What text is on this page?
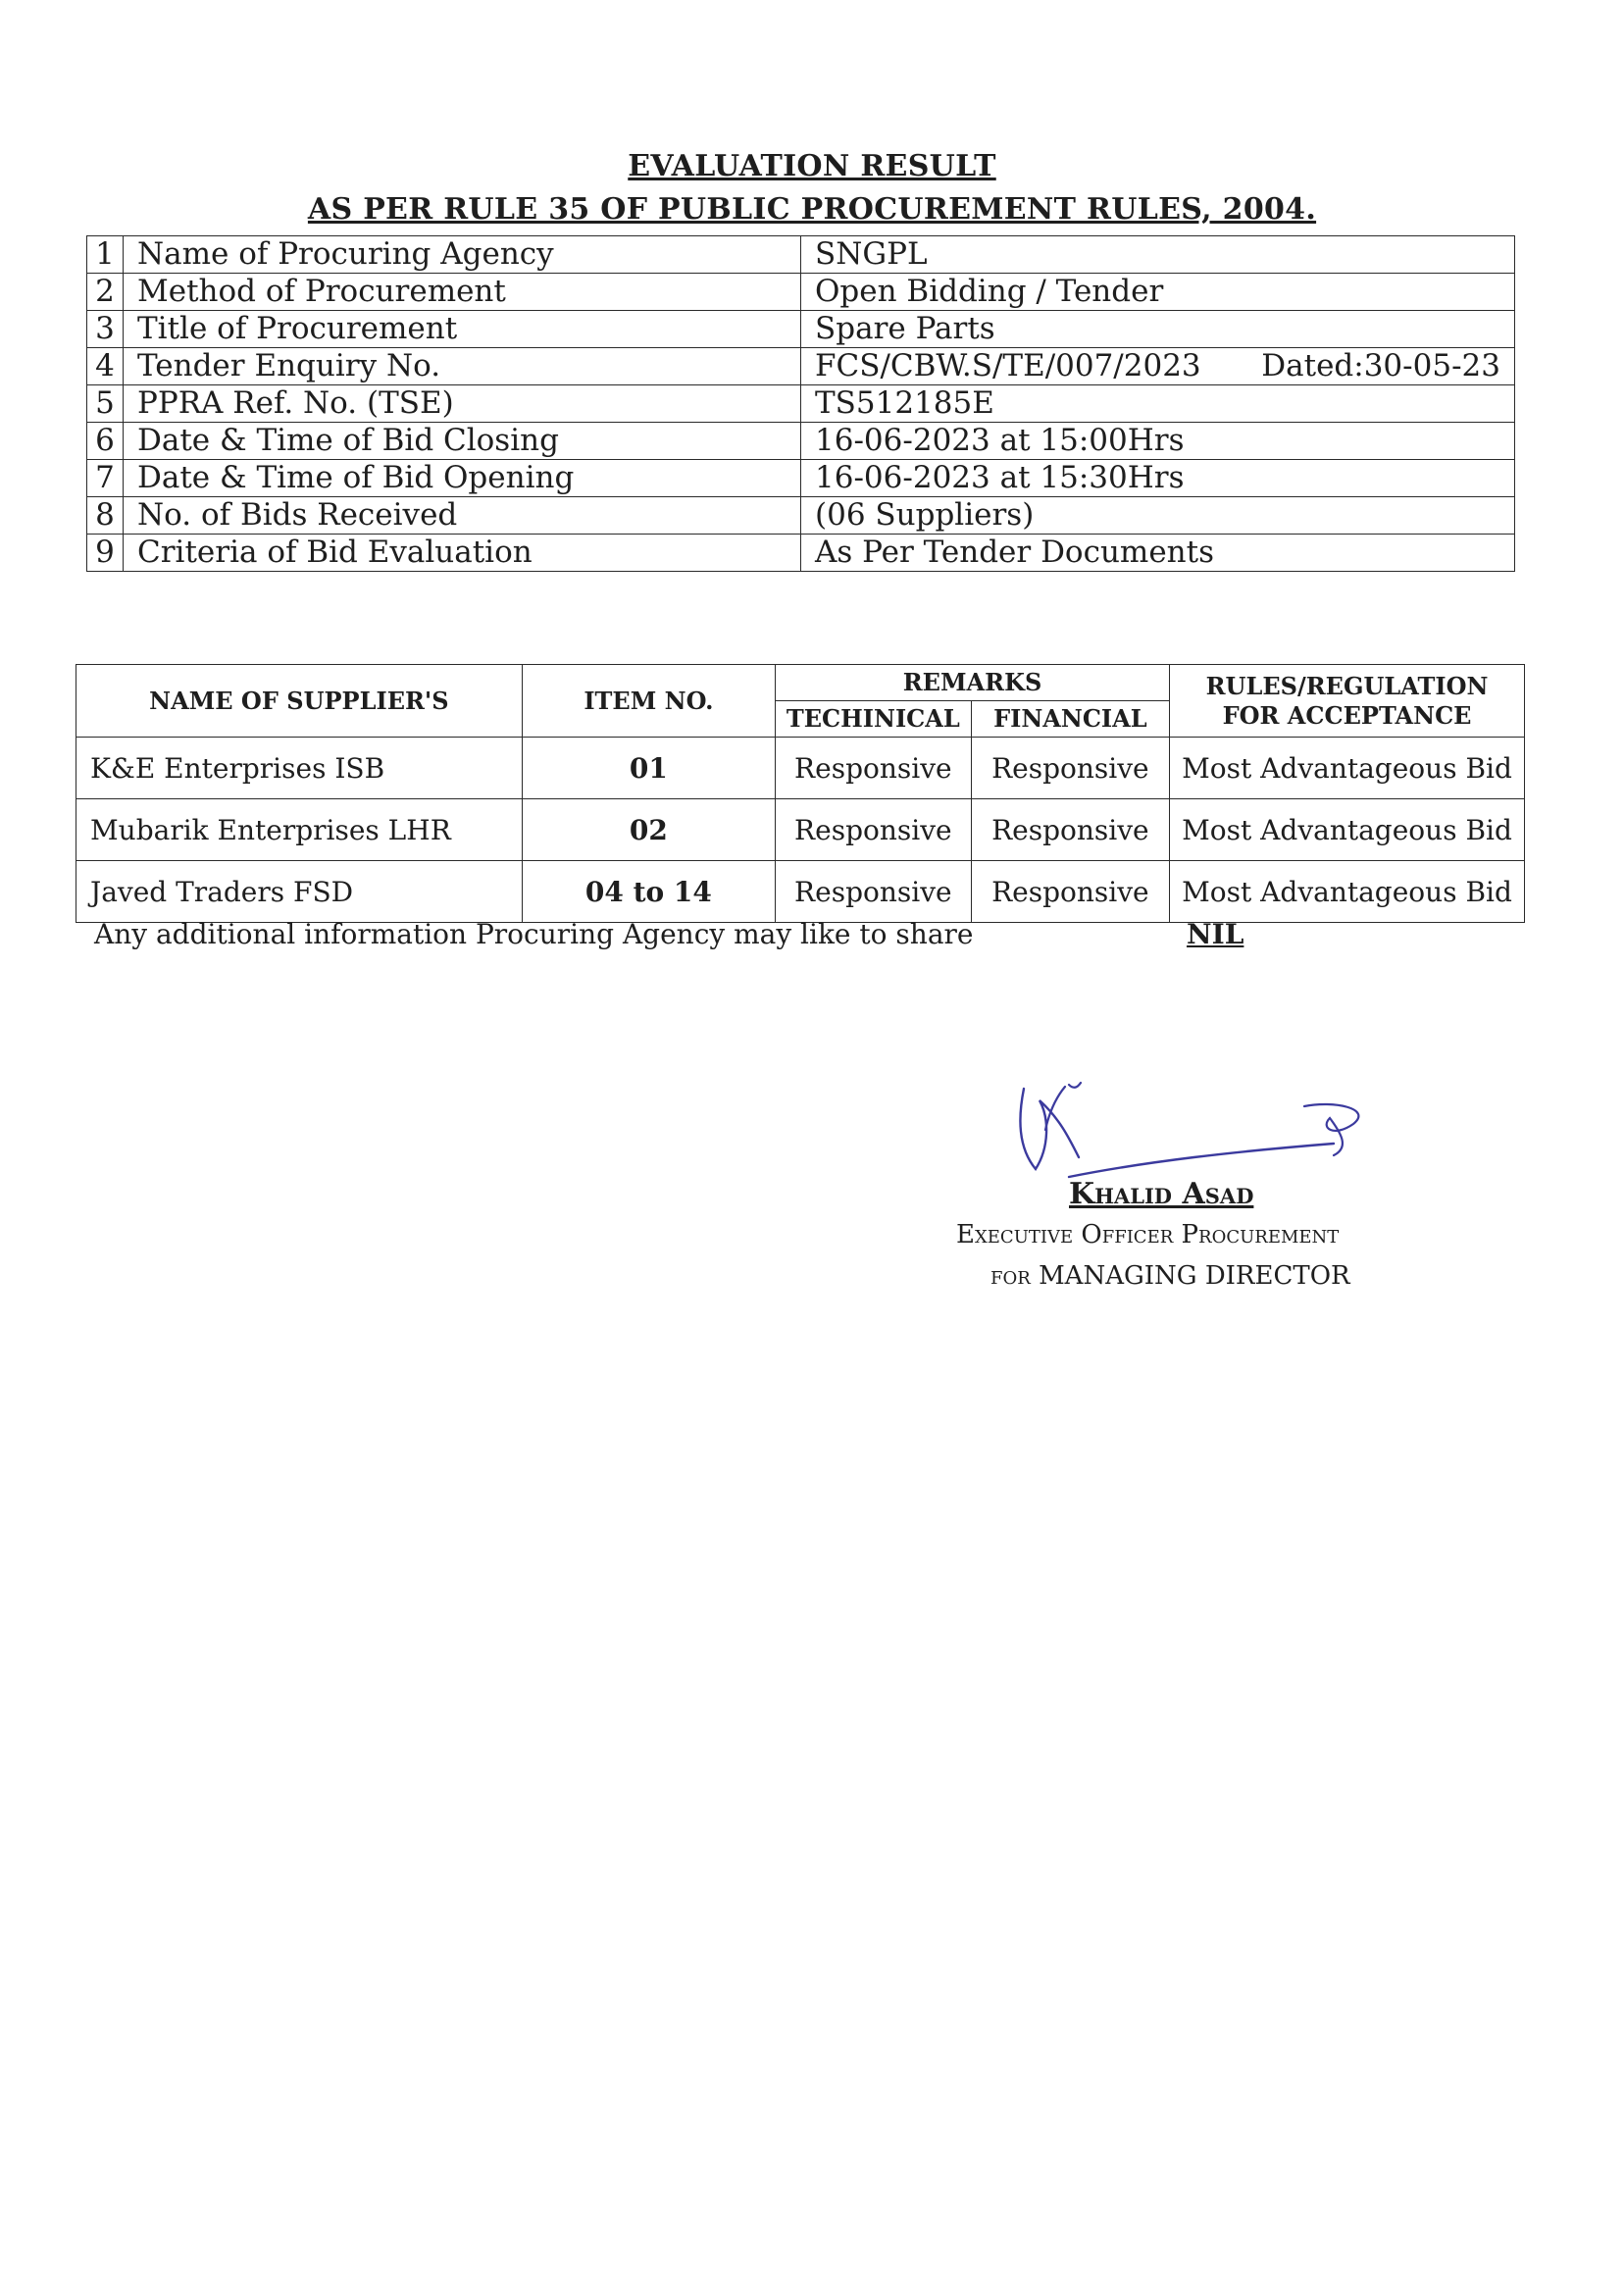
EVALUATION RESULT
AS PER RULE 35 OF PUBLIC PROCUREMENT RULES, 2004.
1	Name of Procuring Agency	SNGPL
2	Method of Procurement	Open Bidding / Tender
3	Title of Procurement	Spare Parts
4	Tender Enquiry No.	FCS/CBW.S/TE/007/2023 Dated:30-05-23

5	PPRA Ref. No. (TSE)	TS512185E
6	Date & Time of Bid Closing	16-06-2023 at 15:00Hrs
7	Date & Time of Bid Opening	16-06-2023 at 15:30Hrs
8	No. of Bids Received	(06 Suppliers)
9	Criteria of Bid Evaluation	As Per Tender Documents
NAME OF SUPPLIER'S	ITEM NO.	REMARKS		RULES/REGULATION
FOR ACCEPTANCE

		TECHINICAL	FINANCIAL	
K&E Enterprises ISB	01	Responsive	Responsive	Most Advantageous Bid
Mubarik Enterprises LHR	02	Responsive	Responsive	Most Advantageous Bid
Javed Traders FSD	04 to 14	Responsive	Responsive	Most Advantageous Bid
Any additional information Procuring Agency may like to share	NIL
Khalid Asad
Executive Officer Procurement
for MANAGING DIRECTOR
